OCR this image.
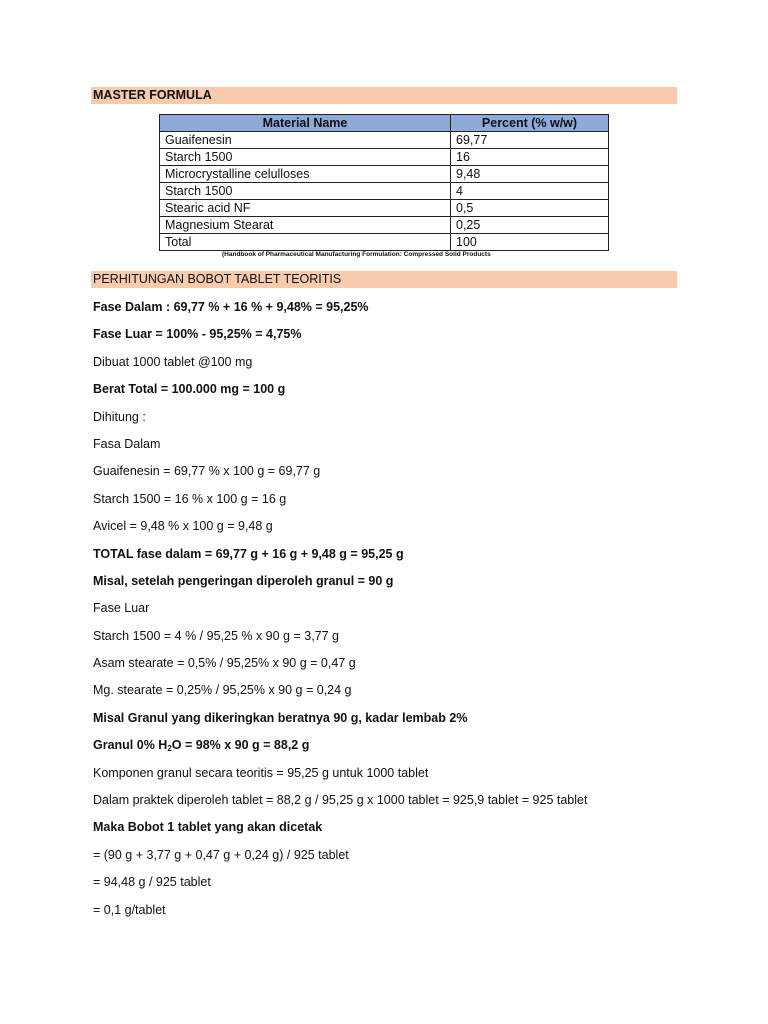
MASTER FORMULA
Material Name	Percent (% w/w)
Guaifenesin	69,77
Starch 1500	16
Microcrystalline celulloses	9,48
Starch 1500	4
Stearic acid NF	0,5
Magnesium Stearat	0,25
Total	100
(Handbook of Pharmaceutical Manufacturing Formulation: Compressed Solid Products
PERHITUNGAN BOBOT TABLET TEORITIS
Fase Dalam : 69,77 % + 16 % + 9,48% = 95,25%
Fase Luar = 100% - 95,25% = 4,75%
Dibuat 1000 tablet @100 mg
Berat Total = 100.000 mg = 100 g
Dihitung :
Fasa Dalam
Guaifenesin = 69,77 % x 100 g = 69,77 g
Starch 1500 = 16 % x 100 g = 16 g
Avicel = 9,48 % x 100 g = 9,48 g
TOTAL fase dalam = 69,77 g + 16 g + 9,48 g = 95,25 g
Misal, setelah pengeringan diperoleh granul = 90 g
Fase Luar
Starch 1500 = 4 % / 95,25 % x 90 g = 3,77 g
Asam stearate = 0,5% / 95,25% x 90 g = 0,47 g
Mg. stearate = 0,25% / 95,25% x 90 g = 0,24 g
Misal Granul yang dikeringkan beratnya 90 g, kadar lembab 2%
Granul 0% $H_2O = 98\%$ x 90 g = 88,2 g
Komponen granul secara teoritis = 95,25 g untuk 1000 tablet
Dalam praktek diperoleh tablet = 88,2 g / 95,25 g x 1000 tablet = 925,9 tablet = 925 tablet
Maka Bobot 1 tablet yang akan dicetak
= (90 g + 3,77 g + 0,47 g + 0,24 g) / 925 tablet
= 94,48 g / 925 tablet
= 0,1 g/tablet
